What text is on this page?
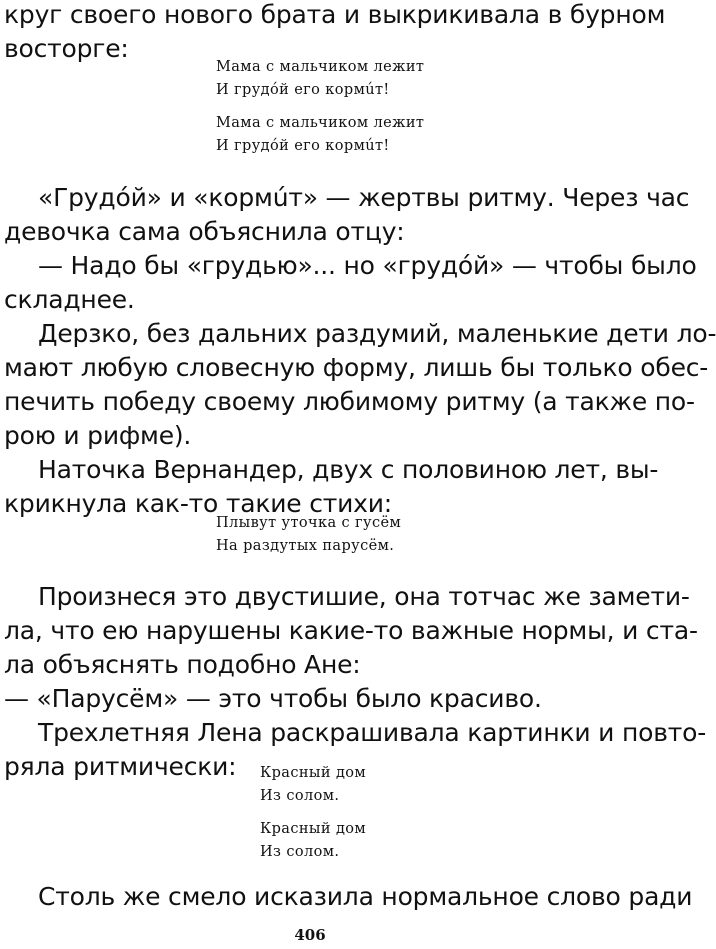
круг своего нового брата и выкрикивала в бурном
восторге:
Мама с мальчиком лежит
И грудóй его кормúт!
Мама с мальчиком лежит
И грудóй его кормúт!
«Грудóй» и «кормúт» — жертвы ритму. Через час
девочка сама объяснила отцу:
— Надо бы «грудью»... но «грудóй» — чтобы было
складнее.
Дерзко, без дальних раздумий, маленькие дети ло-
мают любую словесную форму, лишь бы только обес-
печить победу своему любимому ритму (а также по-
рою и рифме).
Наточка Вернандер, двух с половиною лет, вы-
крикнула как-то такие стихи:
Плывут уточка с гусём
На раздутых парусём.
Произнеся это двустишие, она тотчас же замети-
ла, что ею нарушены какие-то важные нормы, и ста-
ла объяснять подобно Ане:
— «Парусём» — это чтобы было красиво.
Трехлетняя Лена раскрашивала картинки и повто-
ряла ритмически:	Красный дом
Из солом.
Красный дом
Из солом.
Столь же смело исказила нормальное слово ради
406
